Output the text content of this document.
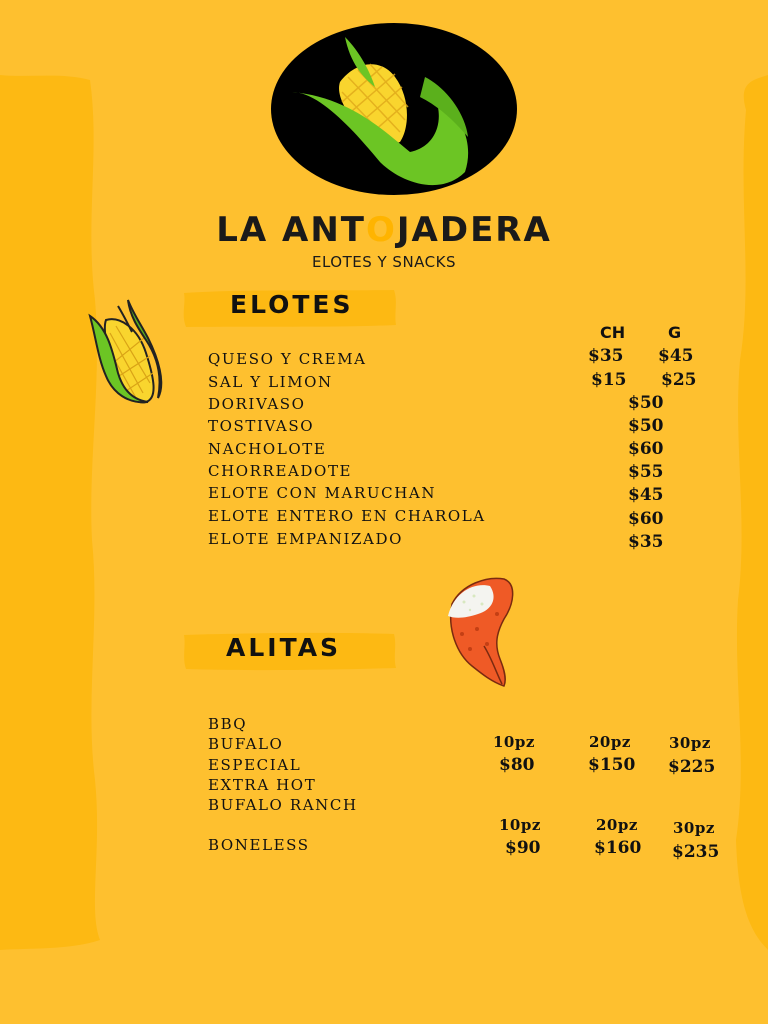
LA ANTOJADERA
ELOTES Y SNACKS
ELOTES
CH	G
QUESO Y CREMA	$35 $45
SAL Y LIMON	$15 $25
DORIVASO	$50
TOSTIVASO	$50
NACHOLOTE	$60
CHORREADOTE	$55
ELOTE CON MARUCHAN	$45
ELOTE ENTERO EN CHAROLA	$60
ELOTE EMPANIZADO	$35
ALITAS
BBQ
BUFALO
ESPECIAL
EXTRA HOT
BUFALO RANCH
10pz	20pz	30pz
$80	$150 $225
BONELESS
10pz	20pz 30pz
$90	$160 $235
